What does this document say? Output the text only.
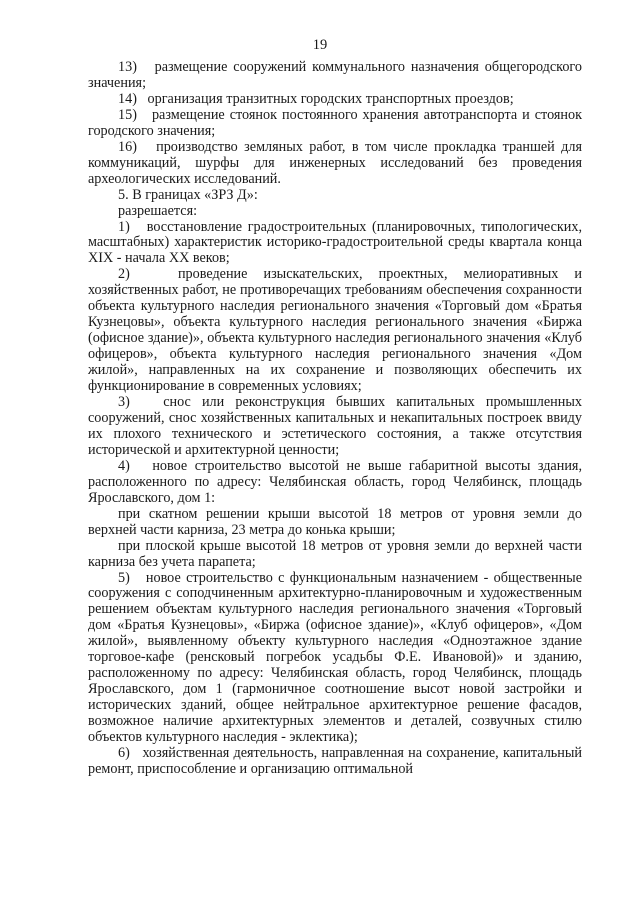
19

13)   размещение сооружений коммунального назначения общегородского значения;

14)   организация транзитных городских транспортных проездов;

15)   размещение стоянок постоянного хранения автотранспорта и стоянок городского значения;

16)   производство земляных работ, в том числе прокладка траншей для коммуникаций, шурфы для инженерных исследований без проведения археологических исследований.

5. В границах «ЗРЗ Д»:

разрешается:

1)   восстановление градостроительных (планировочных, типологических, масштабных) характеристик историко-градостроительной среды квартала конца XIX - начала XX веков;

2)   проведение изыскательских, проектных, мелиоративных и хозяйственных работ, не противоречащих требованиям обеспечения сохранности объекта культурного наследия регионального значения «Торговый дом «Братья Кузнецовы», объекта культурного наследия регионального значения «Биржа (офисное здание)», объекта культурного наследия регионального значения «Клуб офицеров», объекта культурного наследия регионального значения «Дом жилой», направленных на их сохранение и позволяющих обеспечить их функционирование в современных условиях;

3)   снос или реконструкция бывших капитальных промышленных сооружений, снос хозяйственных капитальных и некапитальных построек ввиду их плохого технического и эстетического состояния, а также отсутствия исторической и архитектурной ценности;

4)   новое строительство высотой не выше габаритной высоты здания, расположенного по адресу: Челябинская область, город Челябинск, площадь Ярославского, дом 1:

при скатном решении крыши высотой 18 метров от уровня земли до верхней части карниза, 23 метра до конька крыши;

при плоской крыше высотой 18 метров от уровня земли до верхней части карниза без учета парапета;

5)   новое строительство с функциональным назначением - общественные сооружения с соподчиненным архитектурно-планировочным и художественным решением объектам культурного наследия регионального значения «Торговый дом «Братья Кузнецовы», «Биржа (офисное здание)», «Клуб офицеров», «Дом жилой», выявленному объекту культурного наследия «Одноэтажное здание торговое-кафе (ренсковый погребок усадьбы Ф.Е. Ивановой)» и зданию, расположенному по адресу: Челябинская область, город Челябинск, площадь Ярославского, дом 1 (гармоничное соотношение высот новой застройки и исторических зданий, общее нейтральное архитектурное решение фасадов, возможное наличие архитектурных элементов и деталей, созвучных стилю объектов культурного наследия - эклектика);

6)   хозяйственная деятельность, направленная на сохранение, капитальный ремонт, приспособление и организацию оптимальной
